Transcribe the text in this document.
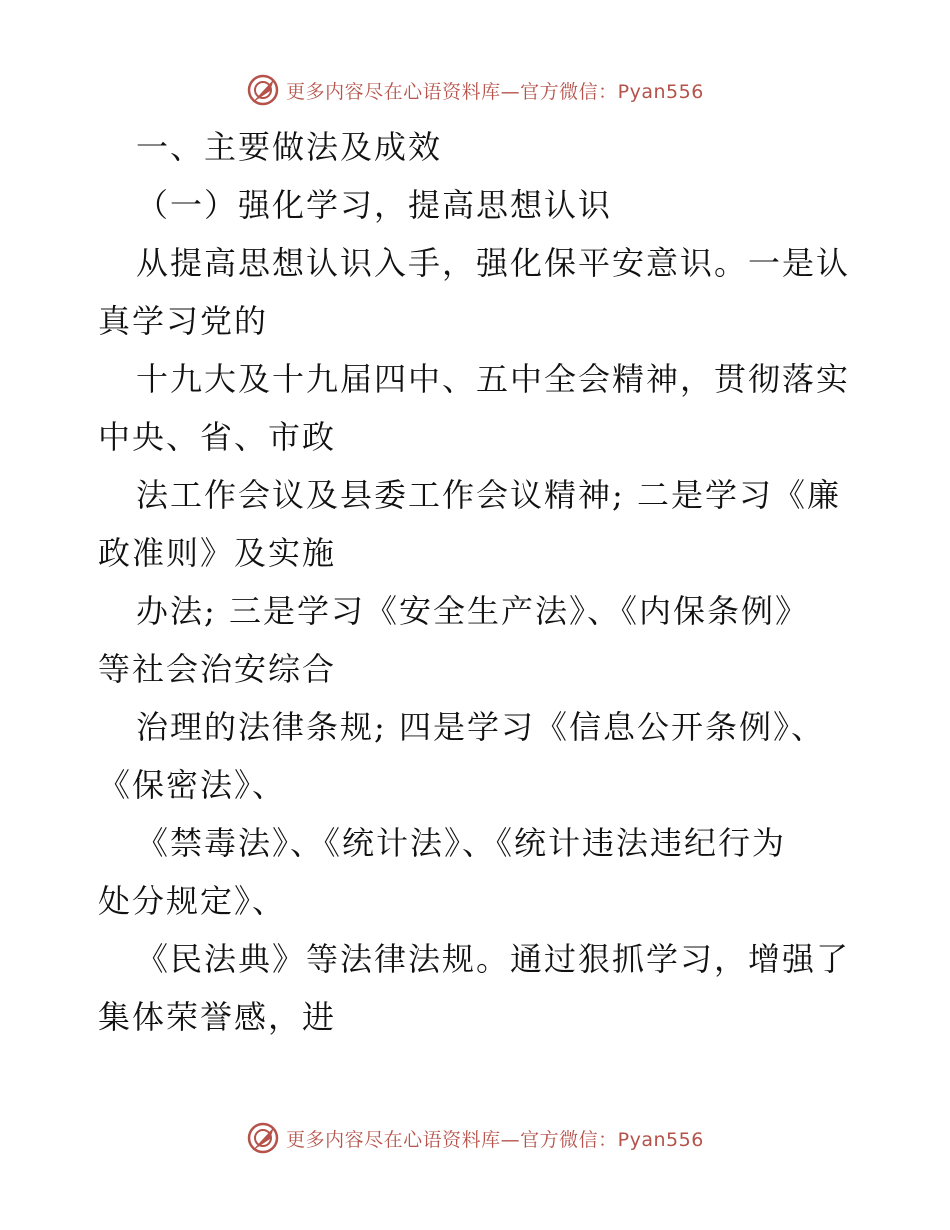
更多内容尽在心语资料库—官方微信：Pyan556
一、主要做法及成效
（一）强化学习，提高思想认识
从提高思想认识入手，强化保平安意识。一是认
真学习党的
十九大及十九届四中、五中全会精神，贯彻落实
中央、省、市政
法工作会议及县委工作会议精神; 二是学习《廉
政准则》及实施
办法; 三是学习《安全生产法》、《内保条例》
等社会治安综合
治理的法律条规; 四是学习《信息公开条例》、
《保密法》、
《禁毒法》、《统计法》、《统计违法违纪行为
处分规定》、
《民法典》等法律法规。通过狠抓学习，增强了
集体荣誉感，进
更多内容尽在心语资料库—官方微信：Pyan556
